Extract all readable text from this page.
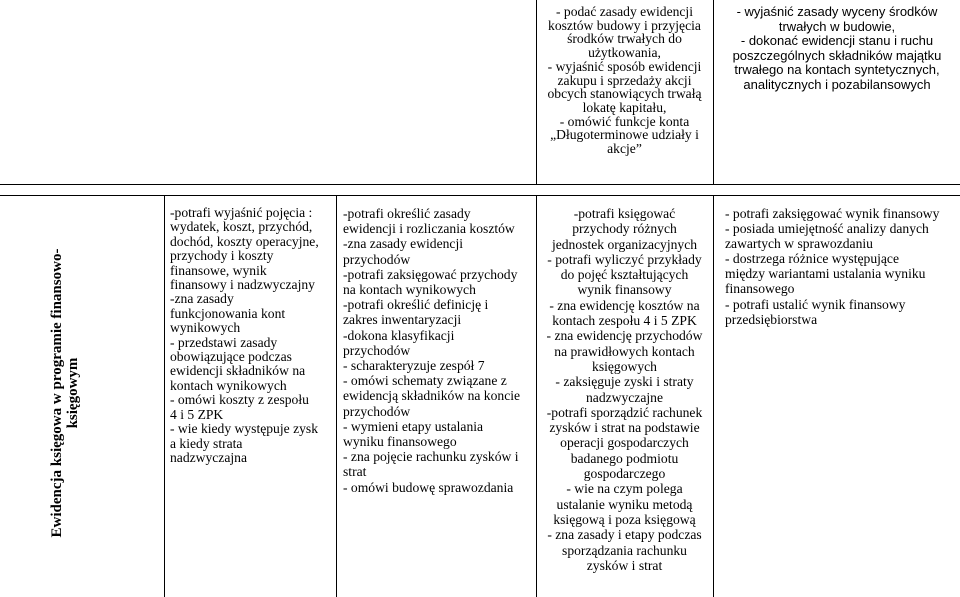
- podać zasady ewidencji
kosztów budowy i przyjęcia
środków trwałych do
użytkowania,
- wyjaśnić sposób ewidencji
zakupu i sprzedaży akcji
obcych stanowiących trwałą
lokatę kapitału,
- omówić funkcje konta
„Długoterminowe udziały i
akcje”
- wyjaśnić zasady wyceny środków
trwałych w budowie,
- dokonać ewidencji stanu i ruchu
poszczególnych składników majątku
trwałego na kontach syntetycznych,
analitycznych i pozabilansowych
Ewidencja księgowa w programie finansowo- księgowym
-potrafi wyjaśnić pojęcia :
wydatek, koszt, przychód,
dochód, koszty operacyjne,
przychody i koszty
finansowe, wynik
finansowy i nadzwyczajny
-zna zasady
funkcjonowania kont
wynikowych
- przedstawi zasady
obowiązujące podczas
ewidencji składników na
kontach wynikowych
- omówi koszty z zespołu
4 i 5 ZPK
- wie kiedy występuje zysk
a kiedy strata
nadzwyczajna
-potrafi określić zasady
ewidencji i rozliczania kosztów
-zna zasady ewidencji
przychodów
-potrafi zaksięgować przychody
na kontach wynikowych
-potrafi określić definicję i
zakres inwentaryzacji
-dokona klasyfikacji
przychodów
- scharakteryzuje zespół 7
- omówi schematy związane z
ewidencją składników na koncie
przychodów
- wymieni etapy ustalania
wyniku finansowego
- zna pojęcie rachunku zysków i
strat
- omówi budowę sprawozdania
-potrafi księgować
przychody różnych
jednostek organizacyjnych
- potrafi wyliczyć przykłady
do pojęć kształtujących
wynik finansowy
- zna ewidencję kosztów na
kontach zespołu 4 i 5 ZPK
- zna ewidencję przychodów
na prawidłowych kontach
księgowych
- zaksięguje zyski i straty
nadzwyczajne
-potrafi sporządzić rachunek
zysków i strat na podstawie
operacji gospodarczych
badanego podmiotu
gospodarczego
- wie na czym polega
ustalanie wyniku metodą
księgową i poza księgową
- zna zasady i etapy podczas
sporządzania rachunku
zysków i strat
- potrafi zaksięgować wynik finansowy
- posiada umiejętność analizy danych
zawartych w sprawozdaniu
- dostrzega różnice występujące
między wariantami ustalania wyniku
finansowego
- potrafi ustalić wynik finansowy
przedsiębiorstwa
